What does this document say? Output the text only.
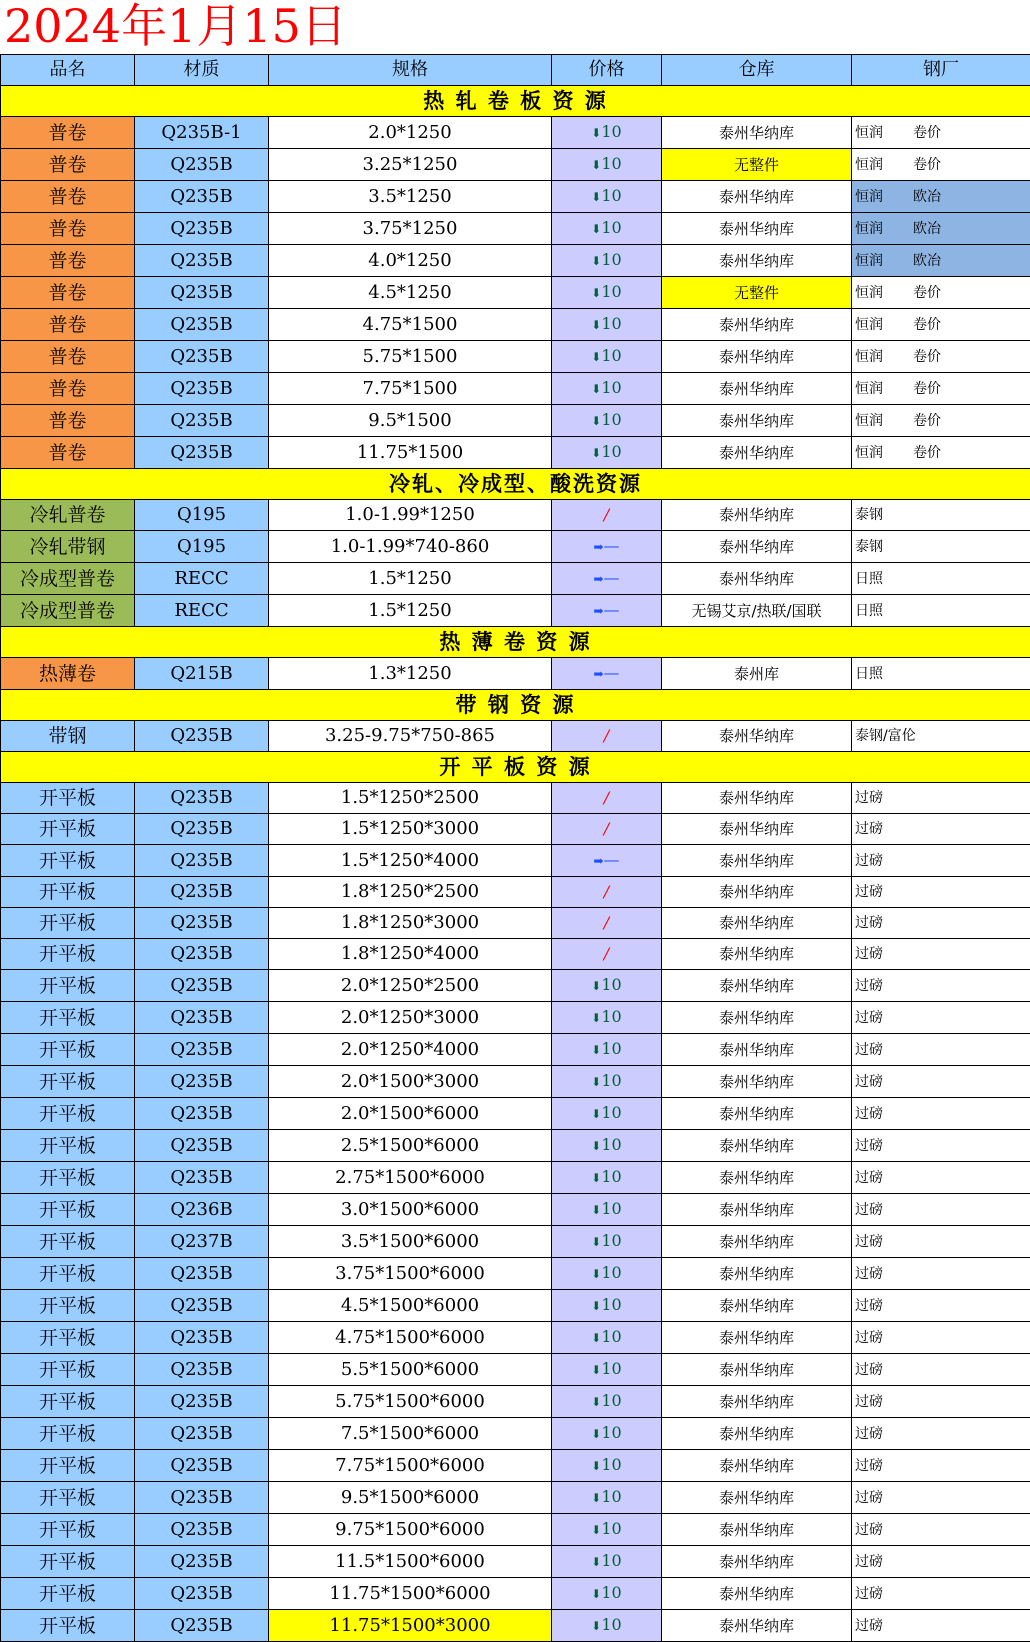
2024年1月15日
品名	材质	规格	价格	仓库	钢厂
热 轧 卷 板 资 源					
普卷	Q235B-1	2.0*1250	⬇10	泰州华纳库	恒润 卷价
普卷	Q235B	3.25*1250	⬇10	无整件	恒润 卷价
普卷	Q235B	3.5*1250	⬇10	泰州华纳库	恒润 欧冶
普卷	Q235B	3.75*1250	⬇10	泰州华纳库	恒润 欧冶
普卷	Q235B	4.0*1250	⬇10	泰州华纳库	恒润 欧冶
普卷	Q235B	4.5*1250	⬇10	无整件	恒润 卷价
普卷	Q235B	4.75*1500	⬇10	泰州华纳库	恒润 卷价
普卷	Q235B	5.75*1500	⬇10	泰州华纳库	恒润 卷价
普卷	Q235B	7.75*1500	⬇10	泰州华纳库	恒润 卷价
普卷	Q235B	9.5*1500	⬇10	泰州华纳库	恒润 卷价
普卷	Q235B	11.75*1500	⬇10	泰州华纳库	恒润 卷价
冷轧、冷成型、酸洗资源					
冷轧普卷	Q195	1.0-1.99*1250	/	泰州华纳库	泰钢
冷轧带钢	Q195	1.0-1.99*740-860	➡—	泰州华纳库	泰钢
冷成型普卷	RECC	1.5*1250	➡—	泰州华纳库	日照
冷成型普卷	RECC	1.5*1250	➡—	无锡艾京/热联/国联	日照
热 薄 卷 资 源					
热薄卷	Q215B	1.3*1250	➡—	泰州库	日照
带 钢 资 源					
带钢	Q235B	3.25-9.75*750-865	/	泰州华纳库	泰钢/富伦
开 平 板 资 源					
开平板	Q235B	1.5*1250*2500	/	泰州华纳库	过磅
开平板	Q235B	1.5*1250*3000	/	泰州华纳库	过磅
开平板	Q235B	1.5*1250*4000	➡—	泰州华纳库	过磅
开平板	Q235B	1.8*1250*2500	/	泰州华纳库	过磅
开平板	Q235B	1.8*1250*3000	/	泰州华纳库	过磅
开平板	Q235B	1.8*1250*4000	/	泰州华纳库	过磅
开平板	Q235B	2.0*1250*2500	⬇10	泰州华纳库	过磅
开平板	Q235B	2.0*1250*3000	⬇10	泰州华纳库	过磅
开平板	Q235B	2.0*1250*4000	⬇10	泰州华纳库	过磅
开平板	Q235B	2.0*1500*3000	⬇10	泰州华纳库	过磅
开平板	Q235B	2.0*1500*6000	⬇10	泰州华纳库	过磅
开平板	Q235B	2.5*1500*6000	⬇10	泰州华纳库	过磅
开平板	Q235B	2.75*1500*6000	⬇10	泰州华纳库	过磅
开平板	Q236B	3.0*1500*6000	⬇10	泰州华纳库	过磅
开平板	Q237B	3.5*1500*6000	⬇10	泰州华纳库	过磅
开平板	Q235B	3.75*1500*6000	⬇10	泰州华纳库	过磅
开平板	Q235B	4.5*1500*6000	⬇10	泰州华纳库	过磅
开平板	Q235B	4.75*1500*6000	⬇10	泰州华纳库	过磅
开平板	Q235B	5.5*1500*6000	⬇10	泰州华纳库	过磅
开平板	Q235B	5.75*1500*6000	⬇10	泰州华纳库	过磅
开平板	Q235B	7.5*1500*6000	⬇10	泰州华纳库	过磅
开平板	Q235B	7.75*1500*6000	⬇10	泰州华纳库	过磅
开平板	Q235B	9.5*1500*6000	⬇10	泰州华纳库	过磅
开平板	Q235B	9.75*1500*6000	⬇10	泰州华纳库	过磅
开平板	Q235B	11.5*1500*6000	⬇10	泰州华纳库	过磅
开平板	Q235B	11.75*1500*6000	⬇10	泰州华纳库	过磅
开平板	Q235B	11.75*1500*3000	⬇10	泰州华纳库	过磅
